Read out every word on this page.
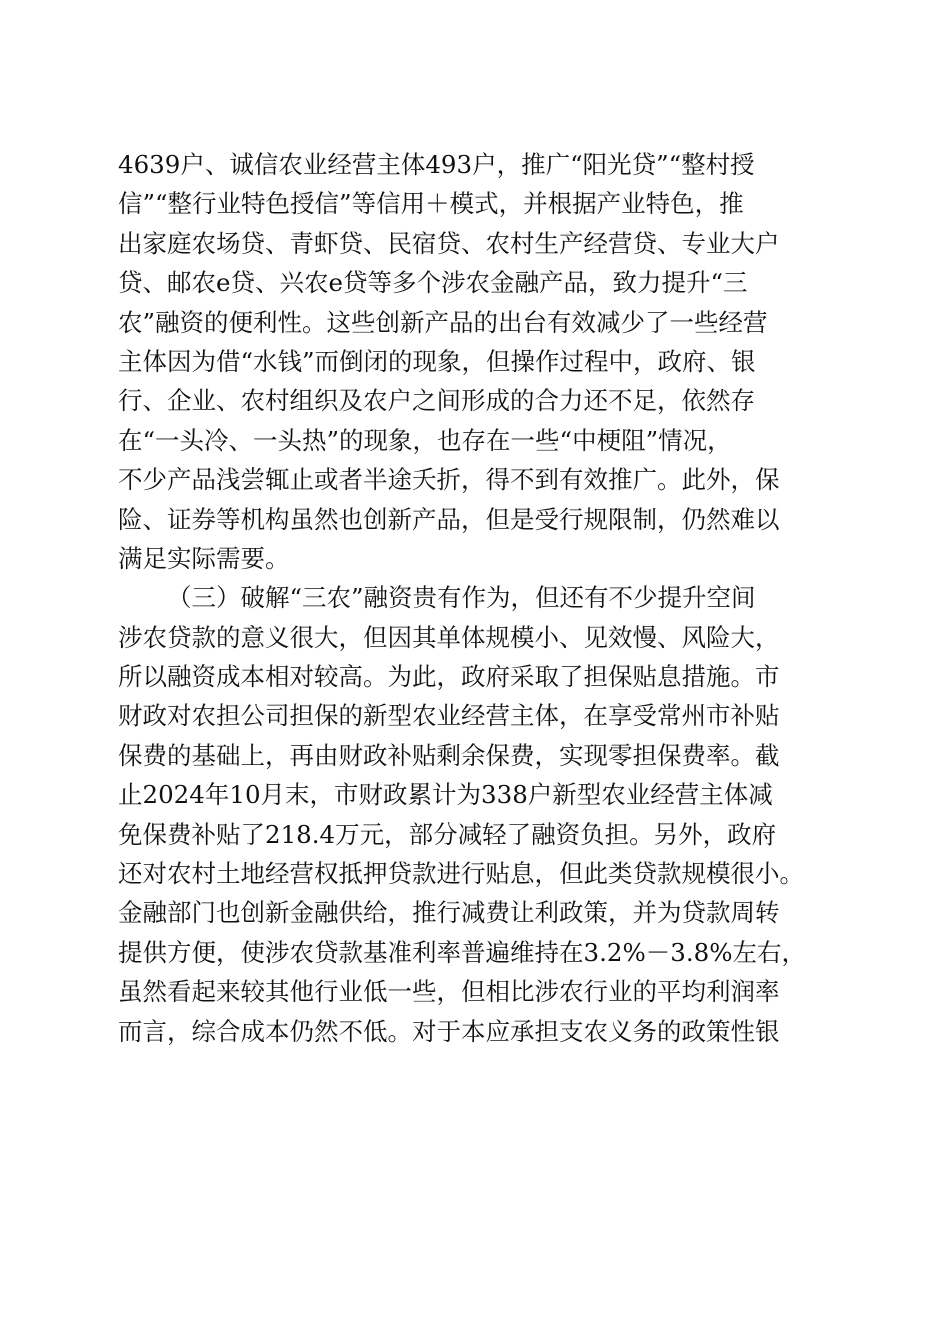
4639户、诚信农业经营主体493户，推广“阳光贷”“整村授
信”“整行业特色授信”等信用＋模式，并根据产业特色，推
出家庭农场贷、青虾贷、民宿贷、农村生产经营贷、专业大户
贷、邮农e贷、兴农e贷等多个涉农金融产品，致力提升“三
农”融资的便利性。这些创新产品的出台有效减少了一些经营
主体因为借“水钱”而倒闭的现象，但操作过程中，政府、银
行、企业、农村组织及农户之间形成的合力还不足，依然存
在“一头冷、一头热”的现象，也存在一些“中梗阻”情况，
不少产品浅尝辄止或者半途夭折，得不到有效推广。此外，保
险、证券等机构虽然也创新产品，但是受行规限制，仍然难以
满足实际需要。
（三）破解“三农”融资贵有作为，但还有不少提升空间
涉农贷款的意义很大，但因其单体规模小、见效慢、风险大，
所以融资成本相对较高。为此，政府采取了担保贴息措施。市
财政对农担公司担保的新型农业经营主体，在享受常州市补贴
保费的基础上，再由财政补贴剩余保费，实现零担保费率。截
止2024年10月末，市财政累计为338户新型农业经营主体减
免保费补贴了218.4万元，部分减轻了融资负担。另外，政府
还对农村土地经营权抵押贷款进行贴息，但此类贷款规模很小。
金融部门也创新金融供给，推行减费让利政策，并为贷款周转
提供方便，使涉农贷款基准利率普遍维持在3.2%－3.8%左右，
虽然看起来较其他行业低一些，但相比涉农行业的平均利润率
而言，综合成本仍然不低。对于本应承担支农义务的政策性银
